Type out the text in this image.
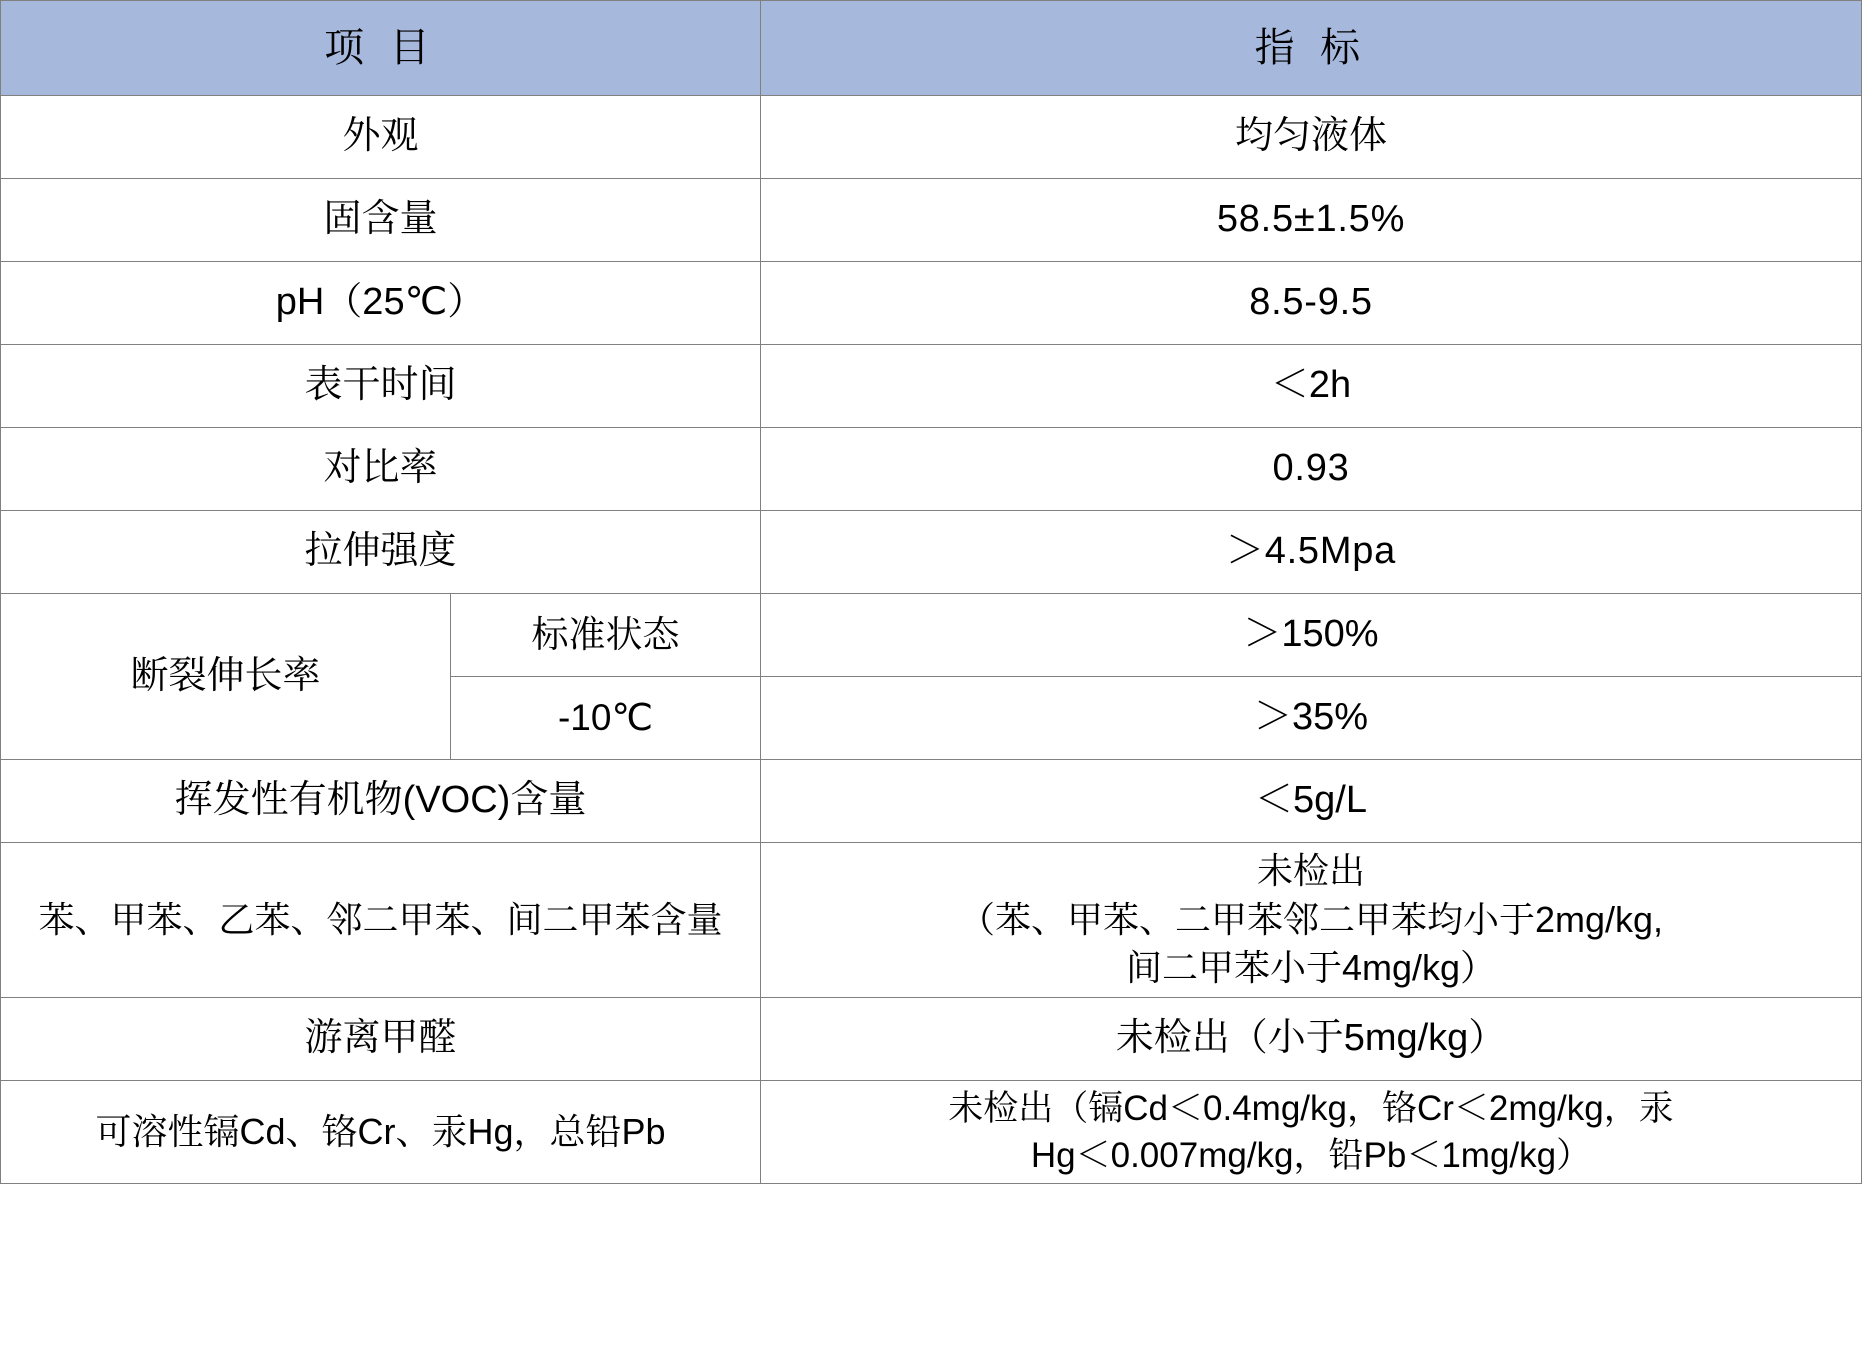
项 目		指 标
外观		均匀液体
固含量		58.5±1.5%
pH（25℃）		8.5-9.5
表干时间		＜2h
对比率		0.93
拉伸强度		＞4.5Mpa
断裂伸长率	标准状态	＞150%
	-10℃	＞35%
挥发性有机物(VOC)含量		＜5g/L
苯、甲苯、乙苯、邻二甲苯、间二甲苯含量		未检出
（苯、甲苯、二甲苯邻二甲苯均小于2mg/kg,
间二甲苯小于4mg/kg）

游离甲醛		未检出（小于5mg/kg）
可溶性镉Cd、铬Cr、汞Hg，总铅Pb		未检出（镉Cd＜0.4mg/kg，铬Cr＜2mg/kg，汞
Hg＜0.007mg/kg，铅Pb＜1mg/kg）
